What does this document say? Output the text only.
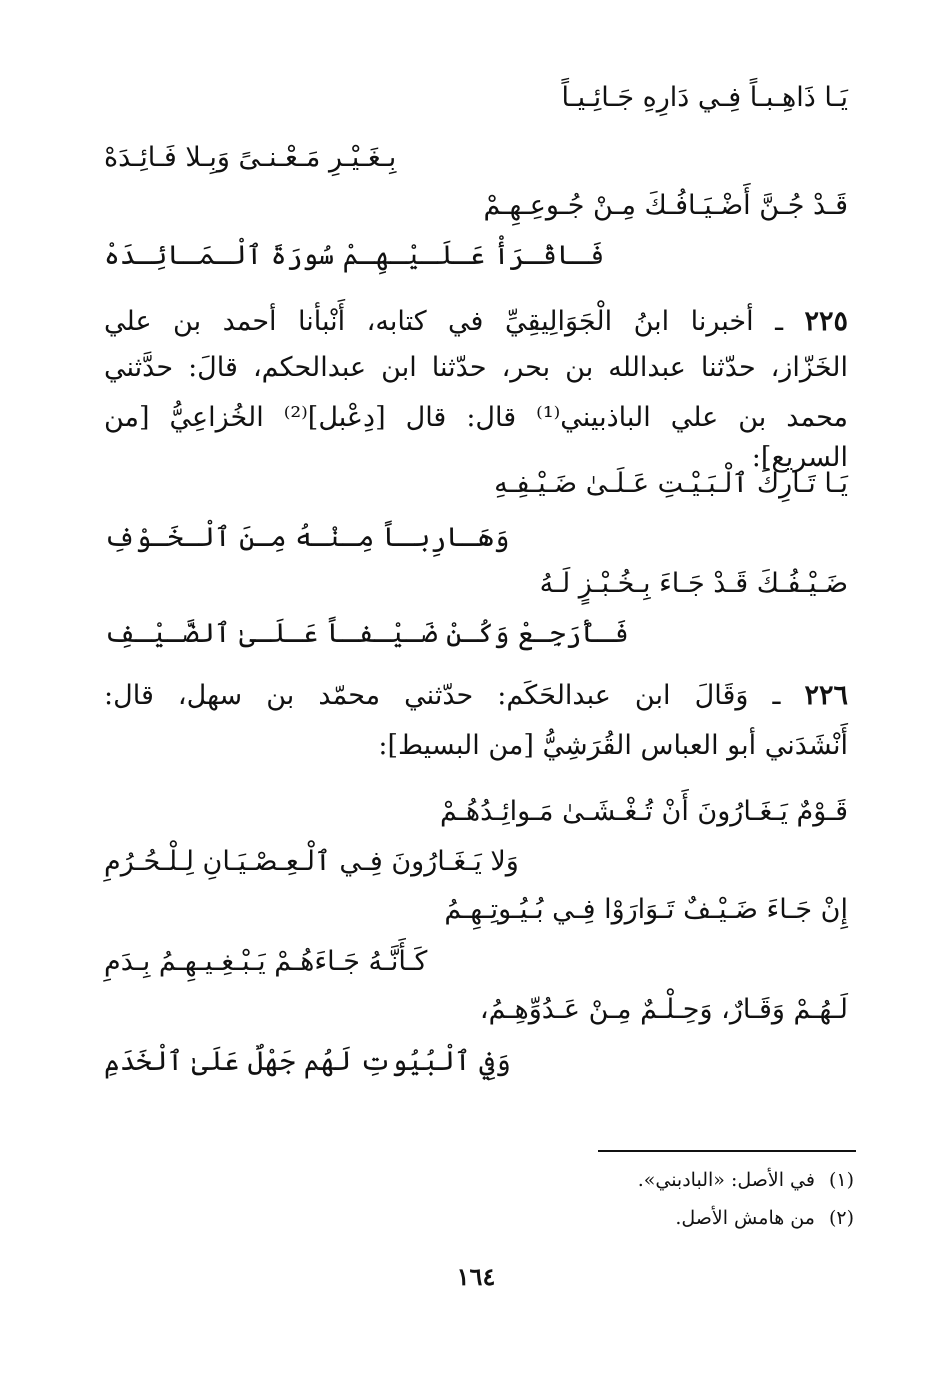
يَـا ذَاهِـبـاً فِـي دَارِهِ جَـائِـيـاً
بِـغَـيْـرِ مَـعْـنـىً وَبِـلا فَـائِـدَهْ
قَـدْ جُـنَّ أَضْـيَـافُـكَ مِـنْ جُـوعِـهِـمْ
فَـاقْـرَأْ عَـلَـيْـهِـمْ سُورَةَ ٱلْـمَـائِـدَهْ
٢٢٥ ـ أخبرنا ابنُ الْجَوَالِيقِيِّ في كتابه، أَنْبأنا أحمد بن علي
الخَزّاز، حدّثنا عبدالله بن بحر، حدّثنا ابن عبدالحكم، قالَ: حدَّثني
محمد بن علي الباذبيني⁽¹⁾ قال: قال [دِعْبل]⁽²⁾ الخُزاعِيُّ [من السريع]:
يَـا تَـارِكَ ٱلْـبَـيْـتِ عَـلَـىٰ ضَـيْـفِـهِ
وَهَـارِبـاً مِـنْـهُ مِـنَ ٱلْـخَـوْفِ
ضَـيْـفُـكَ قَـدْ جَـاءَ بِـخُـبْـزٍ لَـهُ
فَـأْرَجِـعْ وَكُـنْ ضَـيْـفـاً عَـلَـىٰ ٱلضَّـيْـفِ
٢٢٦ ـ وَقَالَ ابن عبدالحَكَم: حدّثني محمّد بن سهل، قال:
أَنْشَدَني أبو العباس القُرَشِيُّ [من البسيط]:
قَـوْمٌ يَـغَـارُونَ أَنْ تُـغْـشَـىٰ مَـوائِـدُهُـمْ
وَلا يَـغَـارُونَ فِـي ٱلْـعِـصْـيَـانِ لِـلْـحُـرُمِ
إِنْ جَـاءَ ضَـيْـفٌ تَـوَارَوْا فِـي بُـيُـوتِـهِـمُ
كَـأَنَّـهُ جَـاءَهُـمْ يَـبْـغِـيـهِـمُ بِـدَمِ
لَـهُـمْ وَقَـارٌ، وَحِـلْـمٌ مِـنْ عَـدُوِّهِـمُ،
وَفِي ٱلْبُيُوتِ لَهُم جَهْلٌ عَلَىٰ ٱلْخَدَمِ
(١)في الأصل: «البادبني».
(٢)من هامش الأصل.
١٦٤
